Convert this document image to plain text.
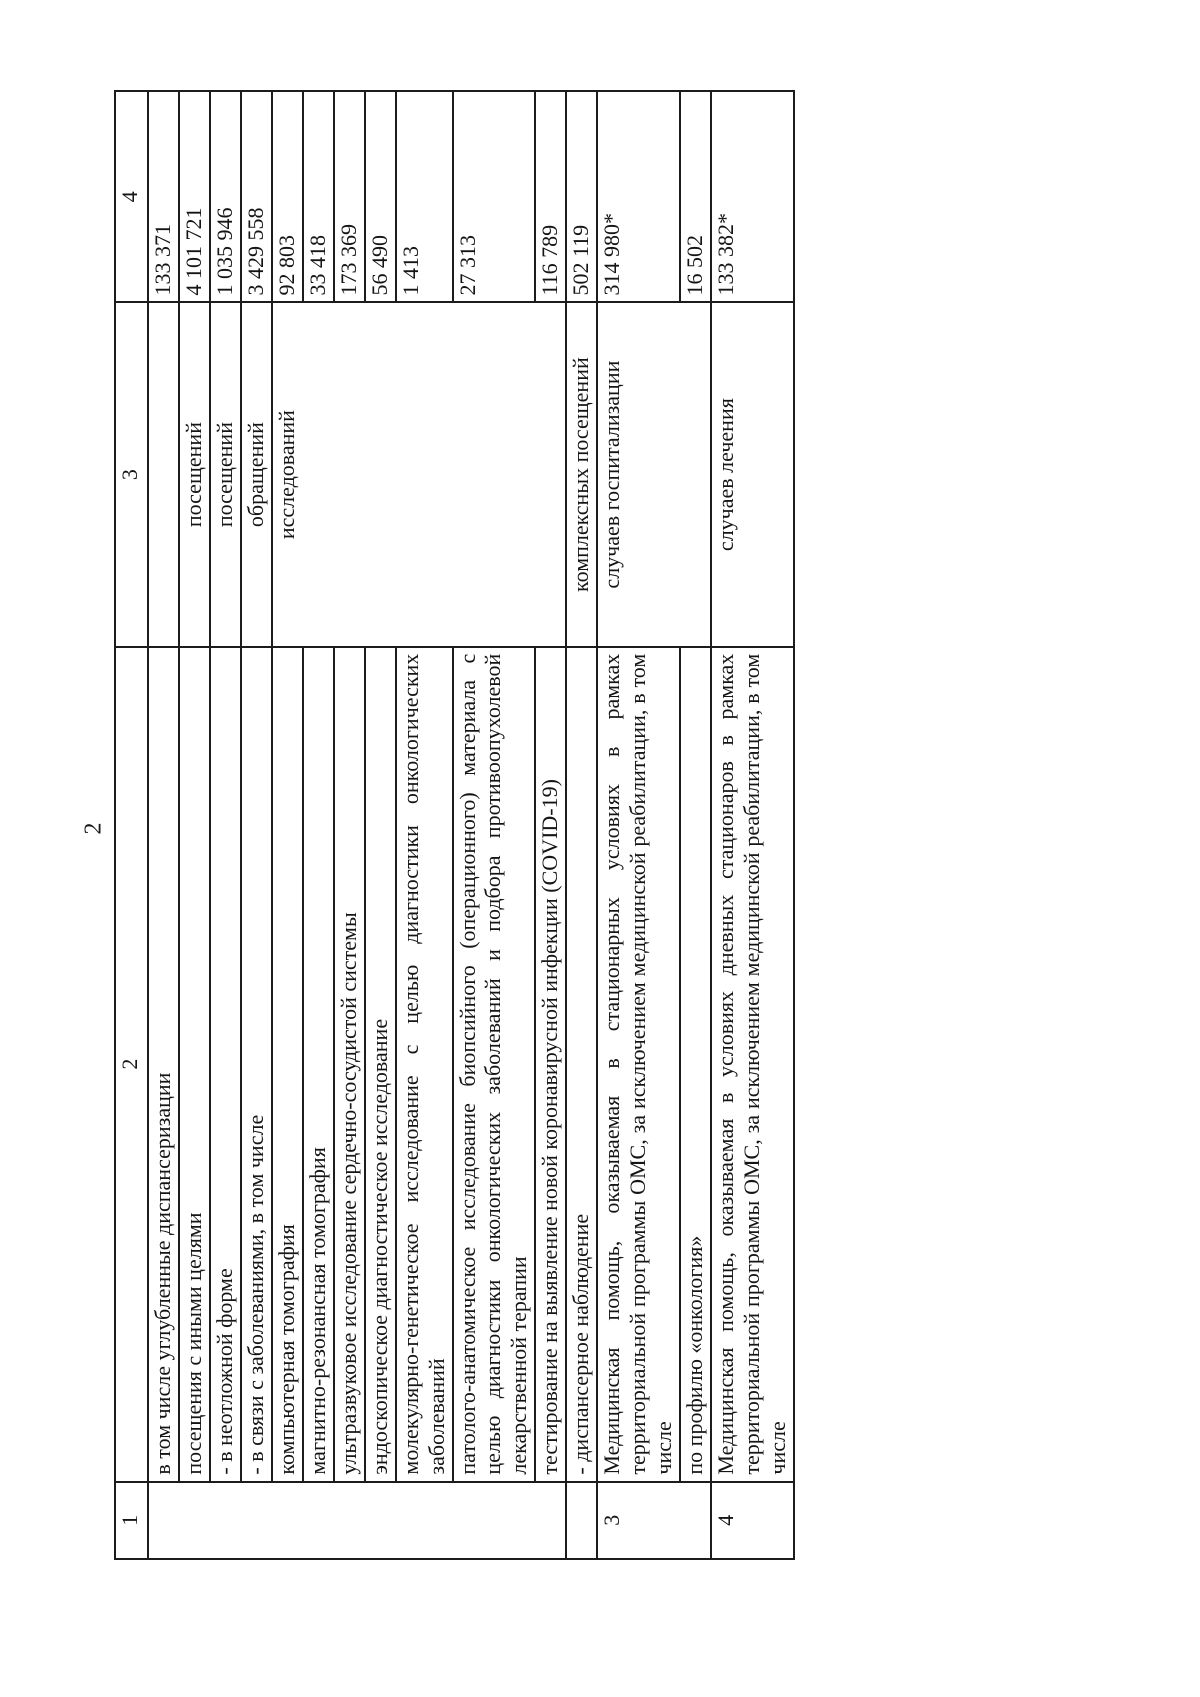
2
1	2	3	4
	в том числе углубленные диспансеризации		133 371
	посещения с иными целями	посещений	4 101 721
	- в неотложной форме	посещений	1 035 946
	- в связи с заболеваниями, в том числе	обращений	3 429 558
	компьютерная томография	исследований	92 803
	магнитно-резонансная томография		33 418
	ультразвуковое исследование сердечно-сосудистой системы		173 369
	эндоскопическое диагностическое исследование		56 490
	молекулярно-генетическое исследование с целью диагностики онкологических заболеваний		1 413
	патолого-анатомическое исследование биопсийного (операционного) материала с целью диагностики онкологических заболеваний и подбора противоопухолевой лекарственной терапии		27 313
	тестирование на выявление новой коронавирусной инфекции (COVID-19)		116 789
	- диспансерное наблюдение	комплексных посещений	502 119
3	Медицинская помощь, оказываемая в стационарных условиях в рамках территориальной программы ОМС, за исключением медицинской реабилитации, в том числе	случаев госпитализации	314 980*
	по профилю «онкология»		16 502
4	Медицинская помощь, оказываемая в условиях дневных стационаров в рамках территориальной программы ОМС, за исключением медицинской реабилитации, в том числе	случаев лечения	133 382*
